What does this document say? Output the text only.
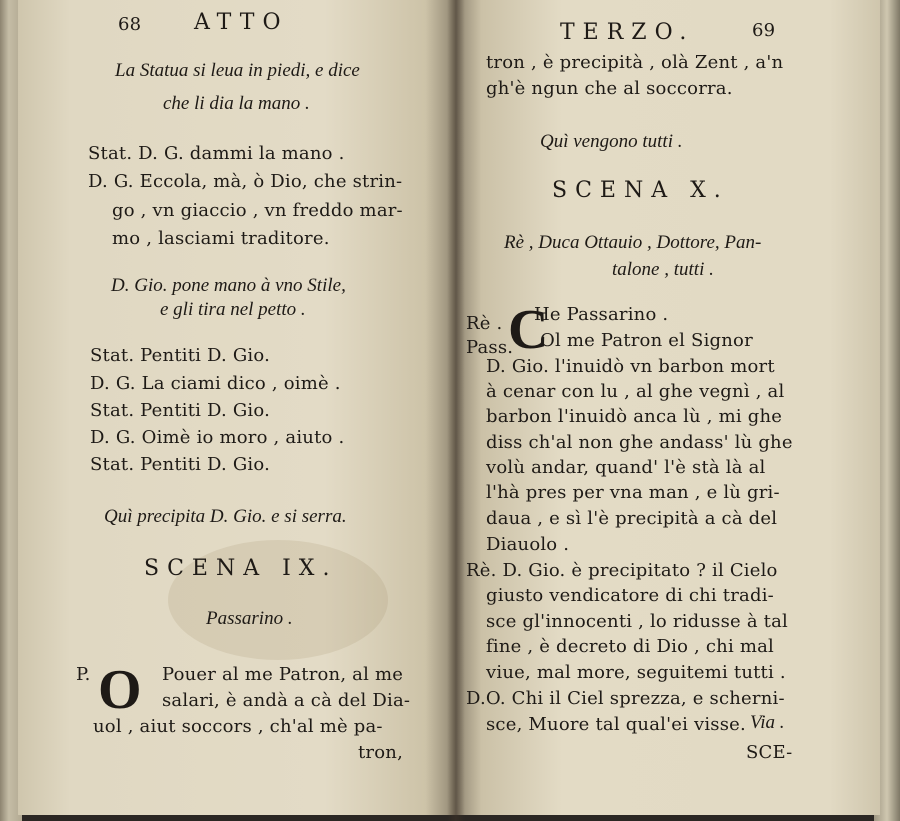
68 ATTO
La Statua si leua in piedi, e dice
che li dia la mano .
Stat. D. G. dammi la mano .
D. G. Eccola, mà, ò Dio, che strin-
go , vn giaccio , vn freddo mar-
mo , lasciami traditore.
D. Gio. pone mano à vno Stile,
e gli tira nel petto .
Stat. Pentiti D. Gio.
D. G. La ciami dico , oimè .
Stat. Pentiti D. Gio.
D. G. Oimè io moro , aiuto .
Stat. Pentiti D. Gio.
Quì precipita D. Gio. e si serra.
SCENA IX.
Passarino .
P. O Pouer al me Patron, al me
salari, è andà a cà del Dia-
uol , aiut soccors , ch'al mè pa-
tron,
TERZO.	69
tron , è precipità , olà Zent , a'n
gh'è ngun che al soccorra.
Quì vengono tutti .
SCENA X.
Rè , Duca Ottauio , Dottore, Pan-
talone , tutti .
Rè . He Passarino .
Pass.
C
Ol me Patron el Signor
D. Gio. l'inuidò vn barbon mort
à cenar con lu , al ghe vegnì , al
barbon l'inuidò anca lù , mi ghe
diss ch'al non ghe andass' lù ghe
volù andar, quand' l'è stà là al
l'hà pres per vna man , e lù gri-
daua , e sì l'è precipità a cà del
Diauolo .
Rè. D. Gio. è precipitato ? il Cielo
giusto vendicatore di chi tradi-
sce gl'innocenti , lo ridusse à tal
fine , è decreto di Dio , chi mal
viue, mal more, seguitemi tutti .
D.O. Chi il Ciel sprezza, e scherni-
sce, Muore tal qual'ei visse. Via .
SCE-
